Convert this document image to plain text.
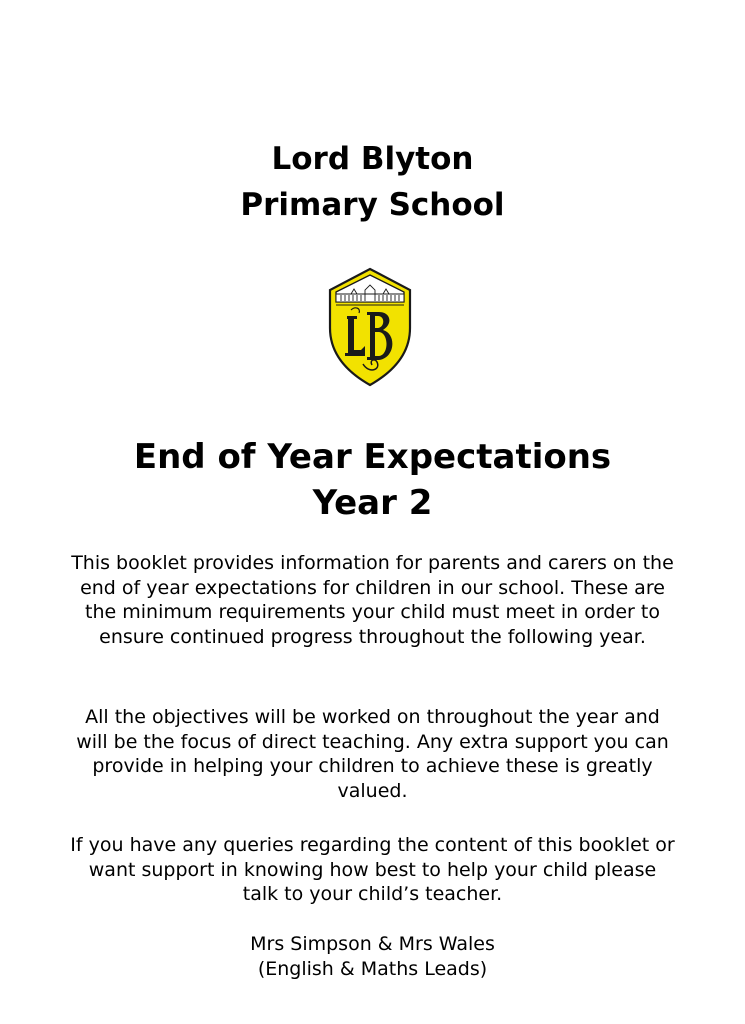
Lord Blyton
Primary School
End of Year Expectations
Year 2

This booklet provides information for parents and carers on the end of year expectations for children in our school. These are the minimum requirements your child must meet in order to ensure continued progress throughout the following year.

All the objectives will be worked on throughout the year and will be the focus of direct teaching. Any extra support you can provide in helping your children to achieve these is greatly valued.

If you have any queries regarding the content of this booklet or want support in knowing how best to help your child please talk to your child’s teacher.

Mrs Simpson & Mrs Wales
(English & Maths Leads)
